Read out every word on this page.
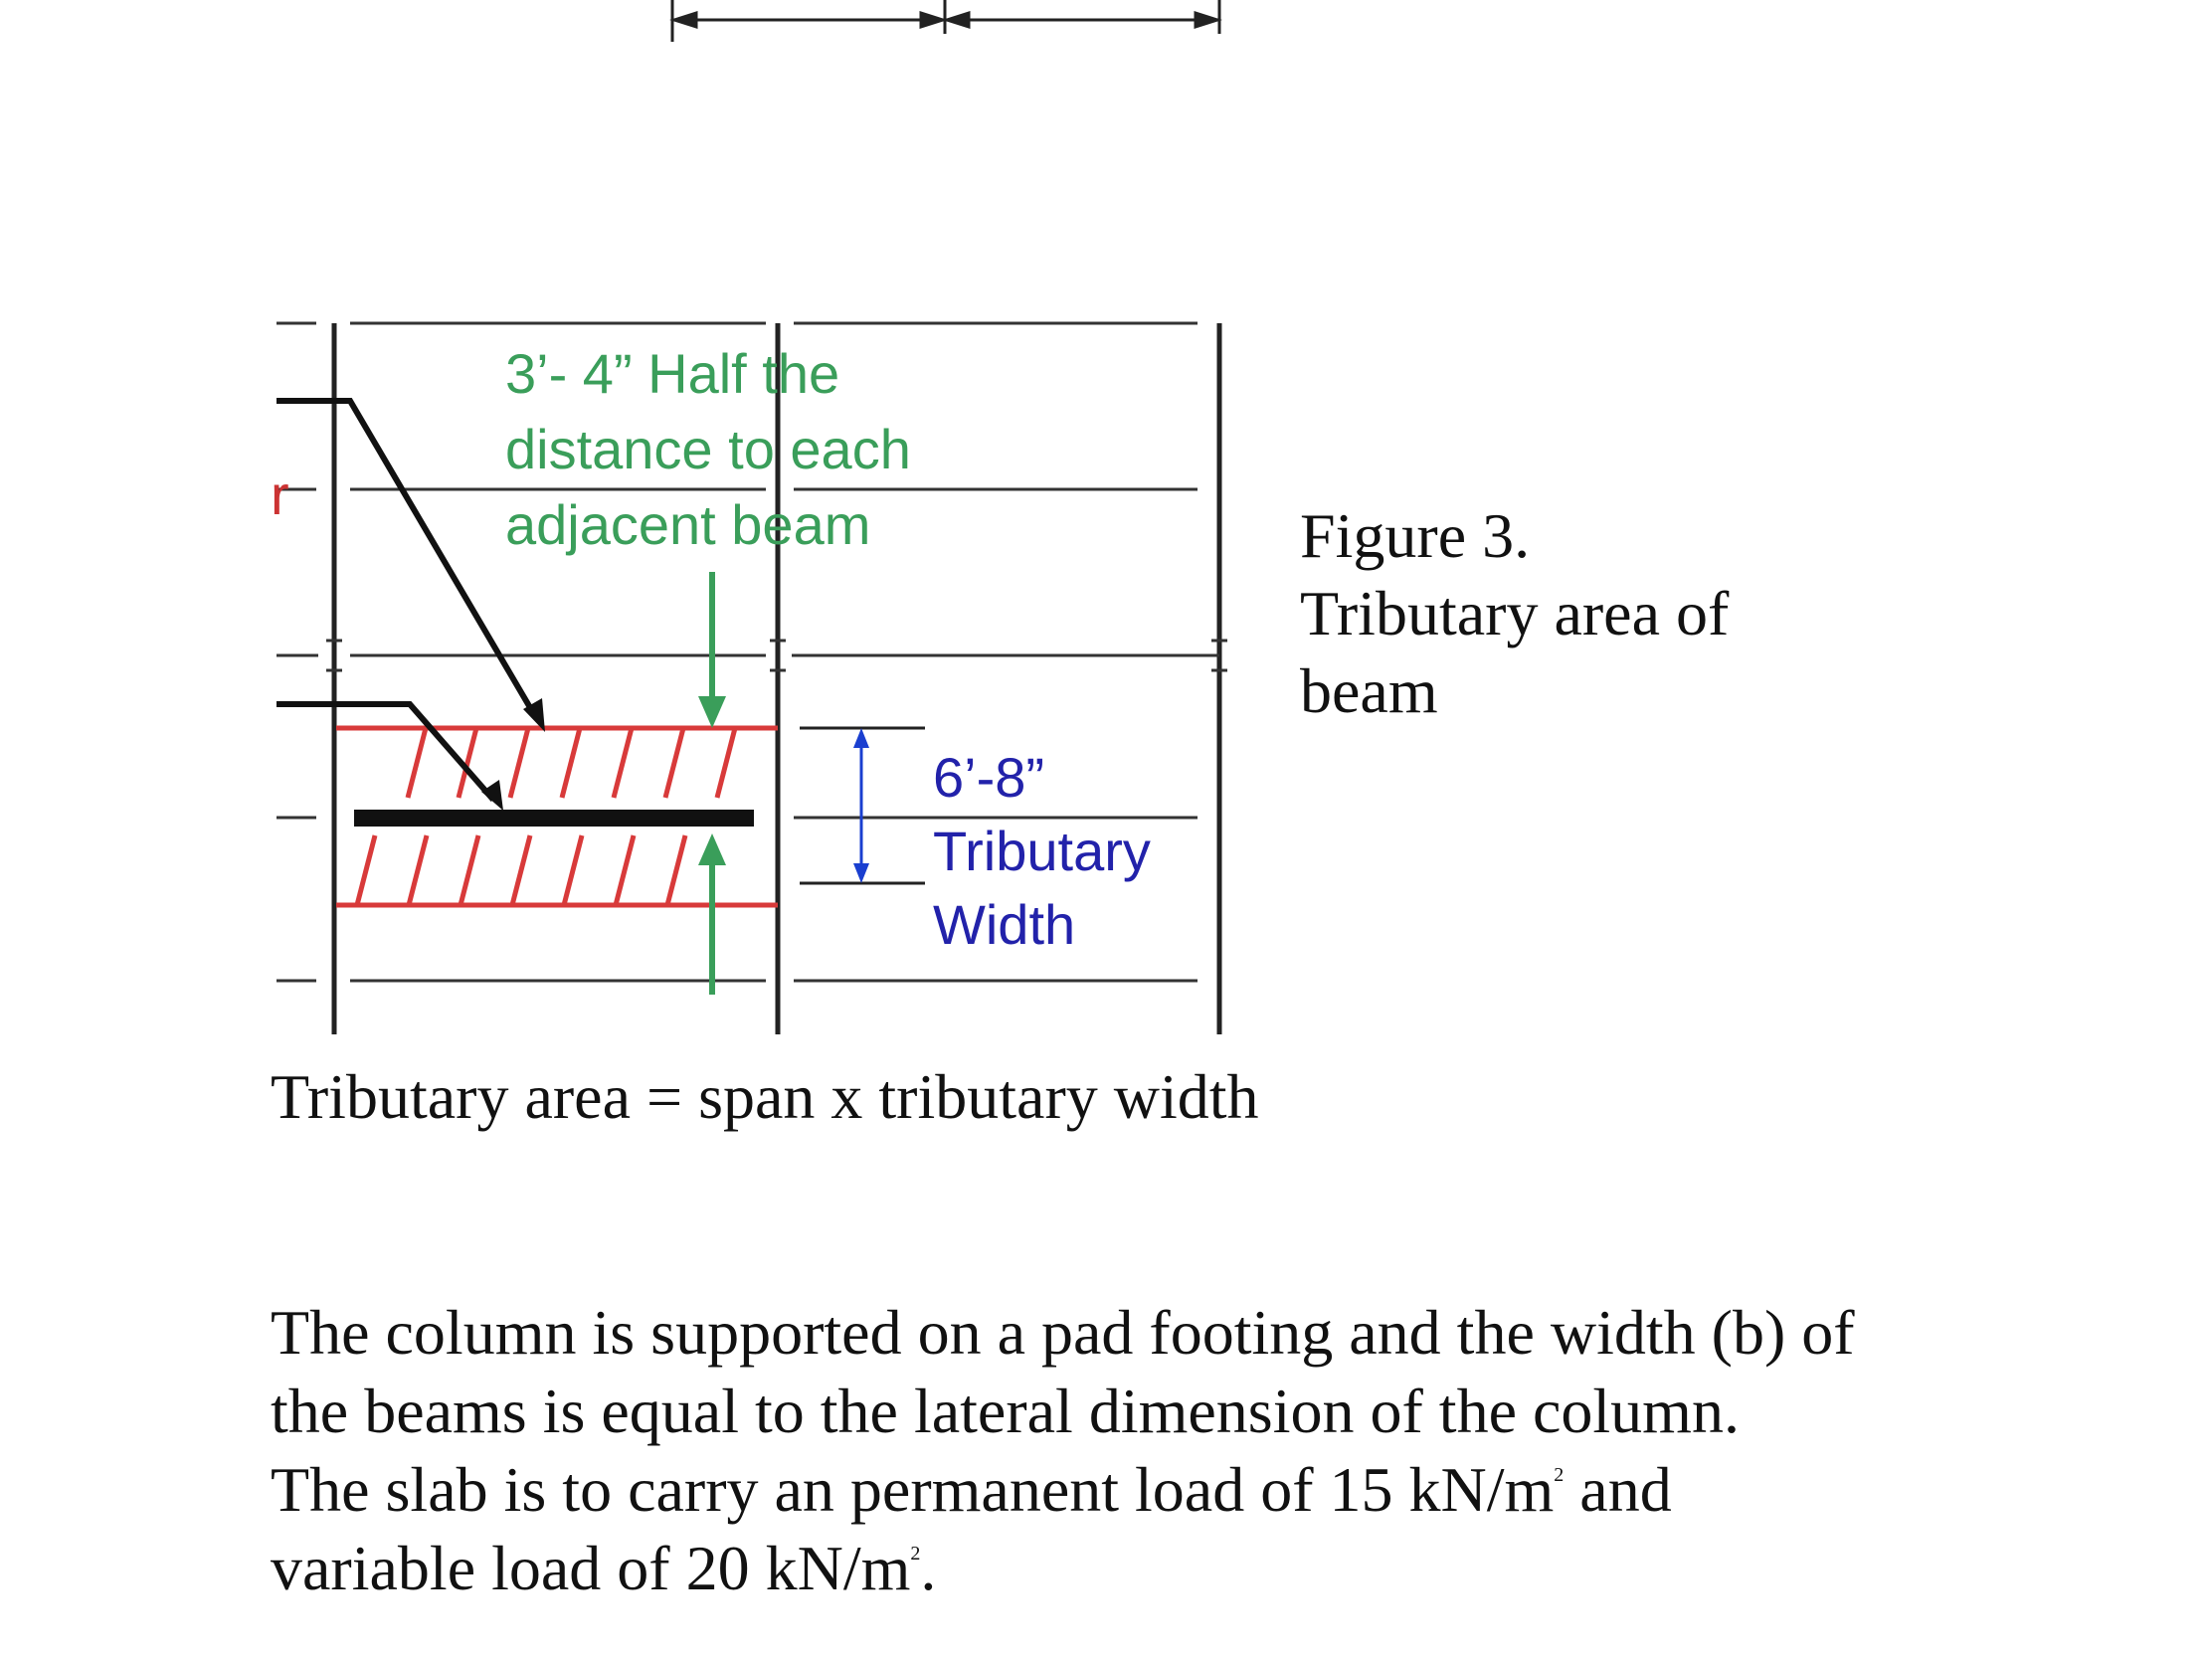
r
3’- 4” Half the
distance to each
adjacent beam
6’-8”
Tributary
Width
Figure 3.
Tributary area of
beam
Tributary area = span x tributary width

The column is supported on a pad footing and the width (b) of

the beams is equal to the lateral dimension of the column.

The slab is to carry an permanent load of 15 $kN/m^2$ and

variable load of 20 $kN/m^2$.
